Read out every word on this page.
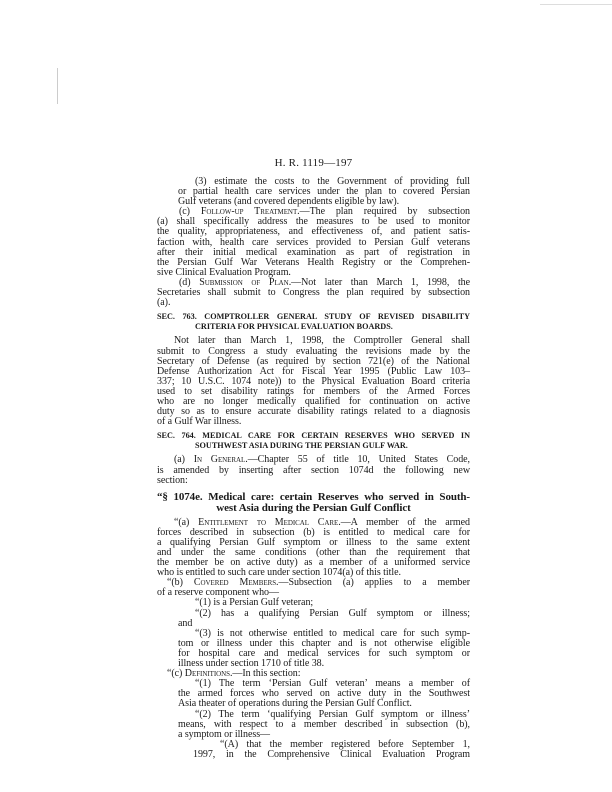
H. R. 1119—197
(3) estimate the costs to the Government of providing full
or partial health care services under the plan to covered Persian
Gulf veterans (and covered dependents eligible by law).
(c) Follow-up Treatment.—The plan required by subsection
(a) shall specifically address the measures to be used to monitor
the quality, appropriateness, and effectiveness of, and patient satis-
faction with, health care services provided to Persian Gulf veterans
after their initial medical examination as part of registration in
the Persian Gulf War Veterans Health Registry or the Comprehen-
sive Clinical Evaluation Program.
(d) Submission of Plan.—Not later than March 1, 1998, the
Secretaries shall submit to Congress the plan required by subsection
(a).
SEC. 763. COMPTROLLER GENERAL STUDY OF REVISED DISABILITY
CRITERIA FOR PHYSICAL EVALUATION BOARDS.
Not later than March 1, 1998, the Comptroller General shall
submit to Congress a study evaluating the revisions made by the
Secretary of Defense (as required by section 721(e) of the National
Defense Authorization Act for Fiscal Year 1995 (Public Law 103–
337; 10 U.S.C. 1074 note)) to the Physical Evaluation Board criteria
used to set disability ratings for members of the Armed Forces
who are no longer medically qualified for continuation on active
duty so as to ensure accurate disability ratings related to a diagnosis
of a Gulf War illness.
SEC. 764. MEDICAL CARE FOR CERTAIN RESERVES WHO SERVED IN
SOUTHWEST ASIA DURING THE PERSIAN GULF WAR.
(a) In General.—Chapter 55 of title 10, United States Code,
is amended by inserting after section 1074d the following new
section:
“§ 1074e. Medical care: certain Reserves who served in South-
west Asia during the Persian Gulf Conflict
“(a) Entitlement to Medical Care.—A member of the armed
forces described in subsection (b) is entitled to medical care for
a qualifying Persian Gulf symptom or illness to the same extent
and under the same conditions (other than the requirement that
the member be on active duty) as a member of a uniformed service
who is entitled to such care under section 1074(a) of this title.
“(b) Covered Members.—Subsection (a) applies to a member
of a reserve component who—
“(1) is a Persian Gulf veteran;
“(2) has a qualifying Persian Gulf symptom or illness;
and
“(3) is not otherwise entitled to medical care for such symp-
tom or illness under this chapter and is not otherwise eligible
for hospital care and medical services for such symptom or
illness under section 1710 of title 38.
“(c) Definitions.—In this section:
“(1) The term ‘Persian Gulf veteran’ means a member of
the armed forces who served on active duty in the Southwest
Asia theater of operations during the Persian Gulf Conflict.
“(2) The term ‘qualifying Persian Gulf symptom or illness’
means, with respect to a member described in subsection (b),
a symptom or illness—
“(A) that the member registered before September 1,
1997, in the Comprehensive Clinical Evaluation Program
